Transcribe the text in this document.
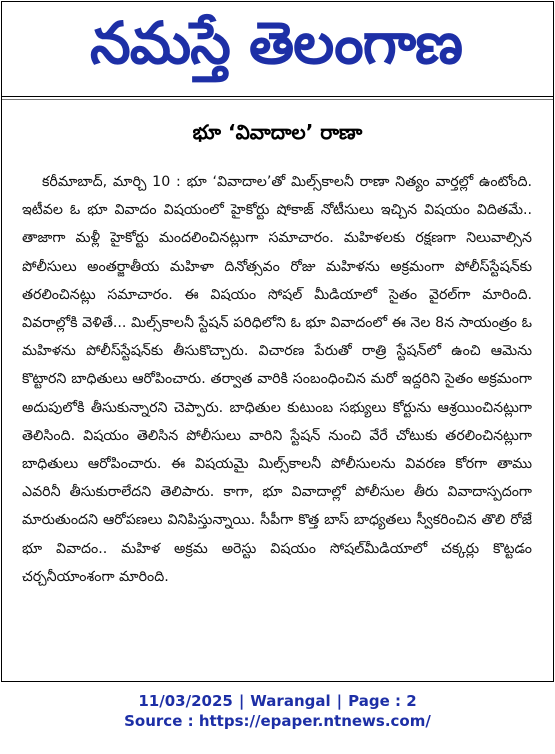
నమస్తే తెలంగాణ
భూ ‘వివాదాల’ రాణా

కరీమాబాద్, మార్చి 10 : భూ ‘వివాదాల’తో మిల్స్‌కాలనీ రాణా నిత్యం వార్తల్లో ఉంటోంది. ఇటీవల ఓ భూ వివాదం విషయంలో హైకోర్టు షోకాజ్ నోటీసులు ఇచ్చిన విషయం విదితమే.. తాజాగా మళ్లీ హైకోర్టు మందలించినట్లుగా సమాచారం. మహిళలకు రక్షణగా నిలువాల్సిన పోలీసులు అంతర్జాతీయ మహిళా దినోత్సవం రోజు మహిళను అక్రమంగా పోలీస్‌స్టేషన్‌కు తరలించినట్లు సమాచారం. ఈ విషయం సోషల్ మీడియాలో సైతం వైరల్‌గా మారింది. వివరాల్లోకి వెళితే... మిల్స్‌కాలనీ స్టేషన్ పరిధిలోని ఓ భూ వివాదంలో ఈ నెల 8న సాయంత్రం ఓ మహిళను పోలీస్‌స్టేషన్‌కు తీసుకొచ్చారు. విచారణ పేరుతో రాత్రి స్టేషన్‌లో ఉంచి ఆమెను కొట్టారని బాధితులు ఆరోపించారు. తర్వాత వారికి సంబంధించిన మరో ఇద్దరిని సైతం అక్రమంగా అదుపులోకి తీసుకున్నారని చెప్పారు. బాధితుల కుటుంబ సభ్యులు కోర్టును ఆశ్రయించినట్లుగా తెలిసింది. విషయం తెలిసిన పోలీసులు వారిని స్టేషన్ నుంచి వేరే చోటుకు తరలించినట్లుగా బాధితులు ఆరోపించారు. ఈ విషయమై మిల్స్‌కాలనీ పోలీసులను వివరణ కోరగా తాము ఎవరినీ తీసుకురాలేదని తెలిపారు. కాగా, భూ వివాదాల్లో పోలీసుల తీరు వివాదాస్పదంగా మారుతుందని ఆరోపణలు వినిపిస్తున్నాయి. సీపీగా కొత్త బాస్ బాధ్యతలు స్వీకరించిన తొలి రోజే భూ వివాదం.. మహిళ అక్రమ అరెస్టు విషయం సోషల్‌మీడియాలో చక్కర్లు కొట్టడం చర్చనీయాంశంగా మారింది.

11/03/2025 | Warangal | Page : 2
Source : https://epaper.ntnews.com/
